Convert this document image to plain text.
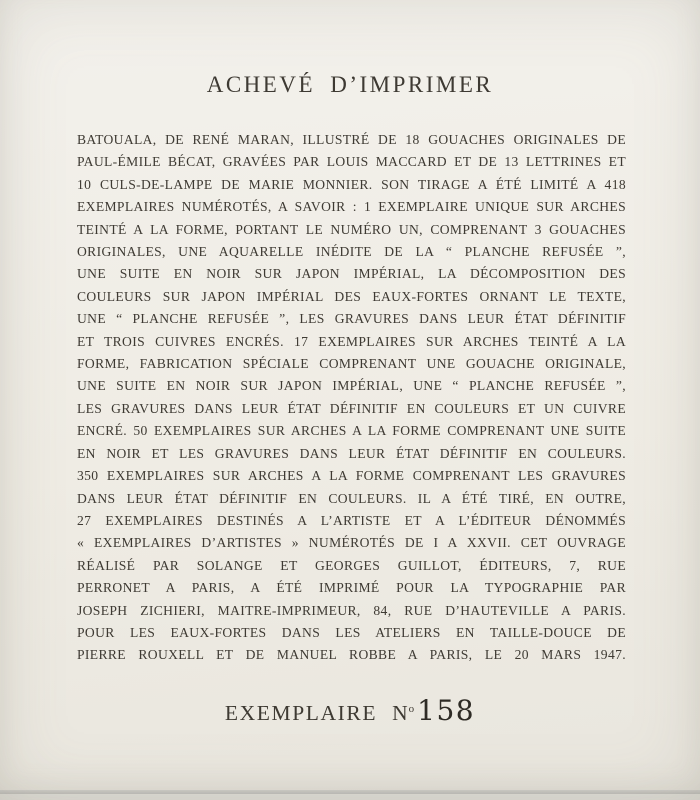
ACHEVÉ D’IMPRIMER
BATOUALA, DE RENÉ MARAN, ILLUSTRÉ DE 18 GOUACHES ORIGINALES DE
PAUL-ÉMILE BÉCAT, GRAVÉES PAR LOUIS MACCARD ET DE 13 LETTRINES ET
10 CULS-DE-LAMPE DE MARIE MONNIER. SON TIRAGE A ÉTÉ LIMITÉ A 418
EXEMPLAIRES NUMÉROTÉS, A SAVOIR : 1 EXEMPLAIRE UNIQUE SUR ARCHES
TEINTÉ A LA FORME, PORTANT LE NUMÉRO UN, COMPRENANT 3 GOUACHES
ORIGINALES, UNE AQUARELLE INÉDITE DE LA “ PLANCHE REFUSÉE ”,
UNE SUITE EN NOIR SUR JAPON IMPÉRIAL, LA DÉCOMPOSITION DES
COULEURS SUR JAPON IMPÉRIAL DES EAUX-FORTES ORNANT LE TEXTE,
UNE “ PLANCHE REFUSÉE ”, LES GRAVURES DANS LEUR ÉTAT DÉFINITIF
ET TROIS CUIVRES ENCRÉS. 17 EXEMPLAIRES SUR ARCHES TEINTÉ A LA
FORME, FABRICATION SPÉCIALE COMPRENANT UNE GOUACHE ORIGINALE,
UNE SUITE EN NOIR SUR JAPON IMPÉRIAL, UNE “ PLANCHE REFUSÉE ”,
LES GRAVURES DANS LEUR ÉTAT DÉFINITIF EN COULEURS ET UN CUIVRE
ENCRÉ. 50 EXEMPLAIRES SUR ARCHES A LA FORME COMPRENANT UNE SUITE
EN NOIR ET LES GRAVURES DANS LEUR ÉTAT DÉFINITIF EN COULEURS.
350 EXEMPLAIRES SUR ARCHES A LA FORME COMPRENANT LES GRAVURES
DANS LEUR ÉTAT DÉFINITIF EN COULEURS. IL A ÉTÉ TIRÉ, EN OUTRE,
27 EXEMPLAIRES DESTINÉS A L’ARTISTE ET A L’ÉDITEUR DÉNOMMÉS
« EXEMPLAIRES D’ARTISTES » NUMÉROTÉS DE I A XXVII. CET OUVRAGE
RÉALISÉ PAR SOLANGE ET GEORGES GUILLOT, ÉDITEURS, 7, RUE
PERRONET A PARIS, A ÉTÉ IMPRIMÉ POUR LA TYPOGRAPHIE PAR
JOSEPH ZICHIERI, MAITRE-IMPRIMEUR, 84, RUE D’HAUTEVILLE A PARIS.
POUR LES EAUX-FORTES DANS LES ATELIERS EN TAILLE-DOUCE DE
PIERRE ROUXELL ET DE MANUEL ROBBE A PARIS, LE 20 MARS 1947.
EXEMPLAIRE $N^o$ 158
